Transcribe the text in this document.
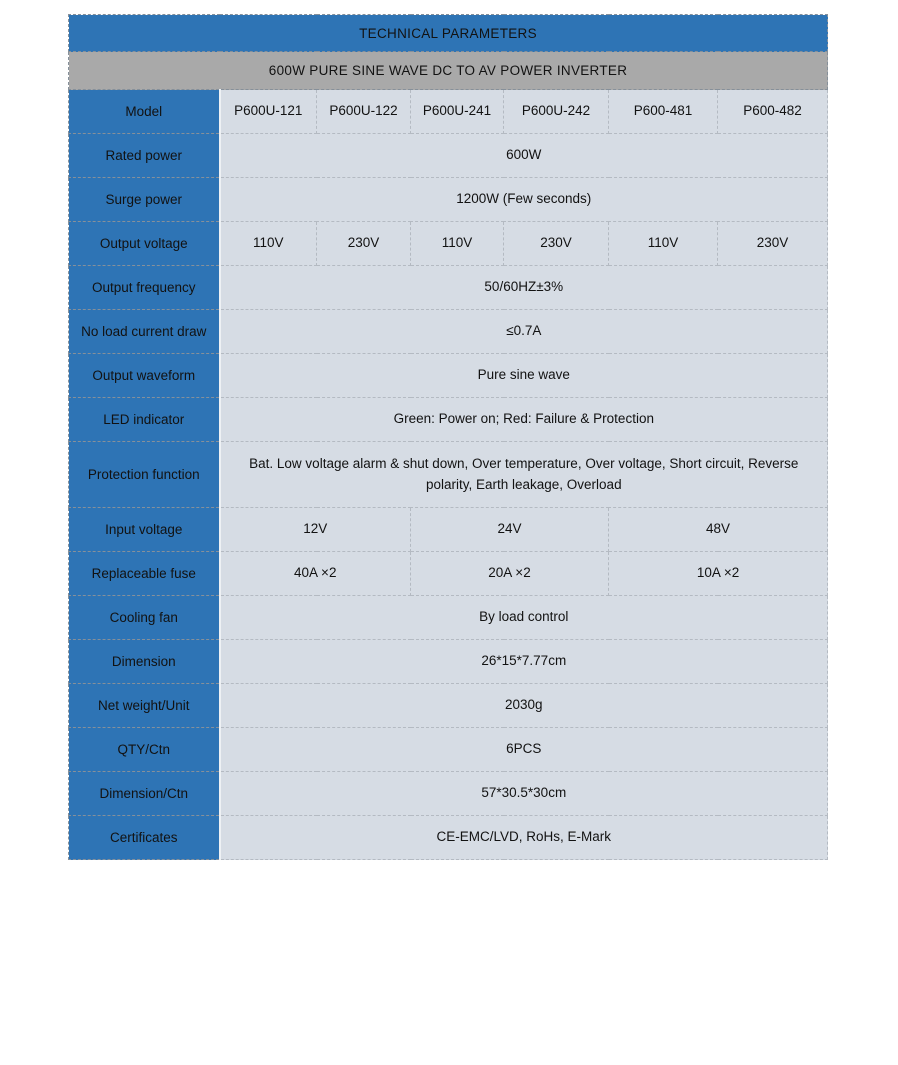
TECHNICAL PARAMETERS						
600W PURE SINE WAVE DC TO AV POWER INVERTER						
Model	P600U-121	P600U-122	P600U-241	P600U-242	P600-481	P600-482
Rated power	600W					
Surge power	1200W (Few seconds)					
Output voltage	110V	230V	110V	230V	110V	230V
Output frequency	50/60HZ±3%					
No load current draw	≤0.7A					
Output waveform	Pure sine wave					
LED indicator	Green: Power on; Red: Failure & Protection					
Protection function	Bat. Low voltage alarm & shut down, Over temperature, Over voltage, Short circuit, Reverse polarity, Earth leakage, Overload					
Input voltage	12V		24V		48V	
Replaceable fuse	40A ×2		20A ×2		10A ×2	
Cooling fan	By load control					
Dimension	26*15*7.77cm					
Net weight/Unit	2030g					
QTY/Ctn	6PCS					
Dimension/Ctn	57*30.5*30cm					
Certificates	CE-EMC/LVD, RoHs, E-Mark					
